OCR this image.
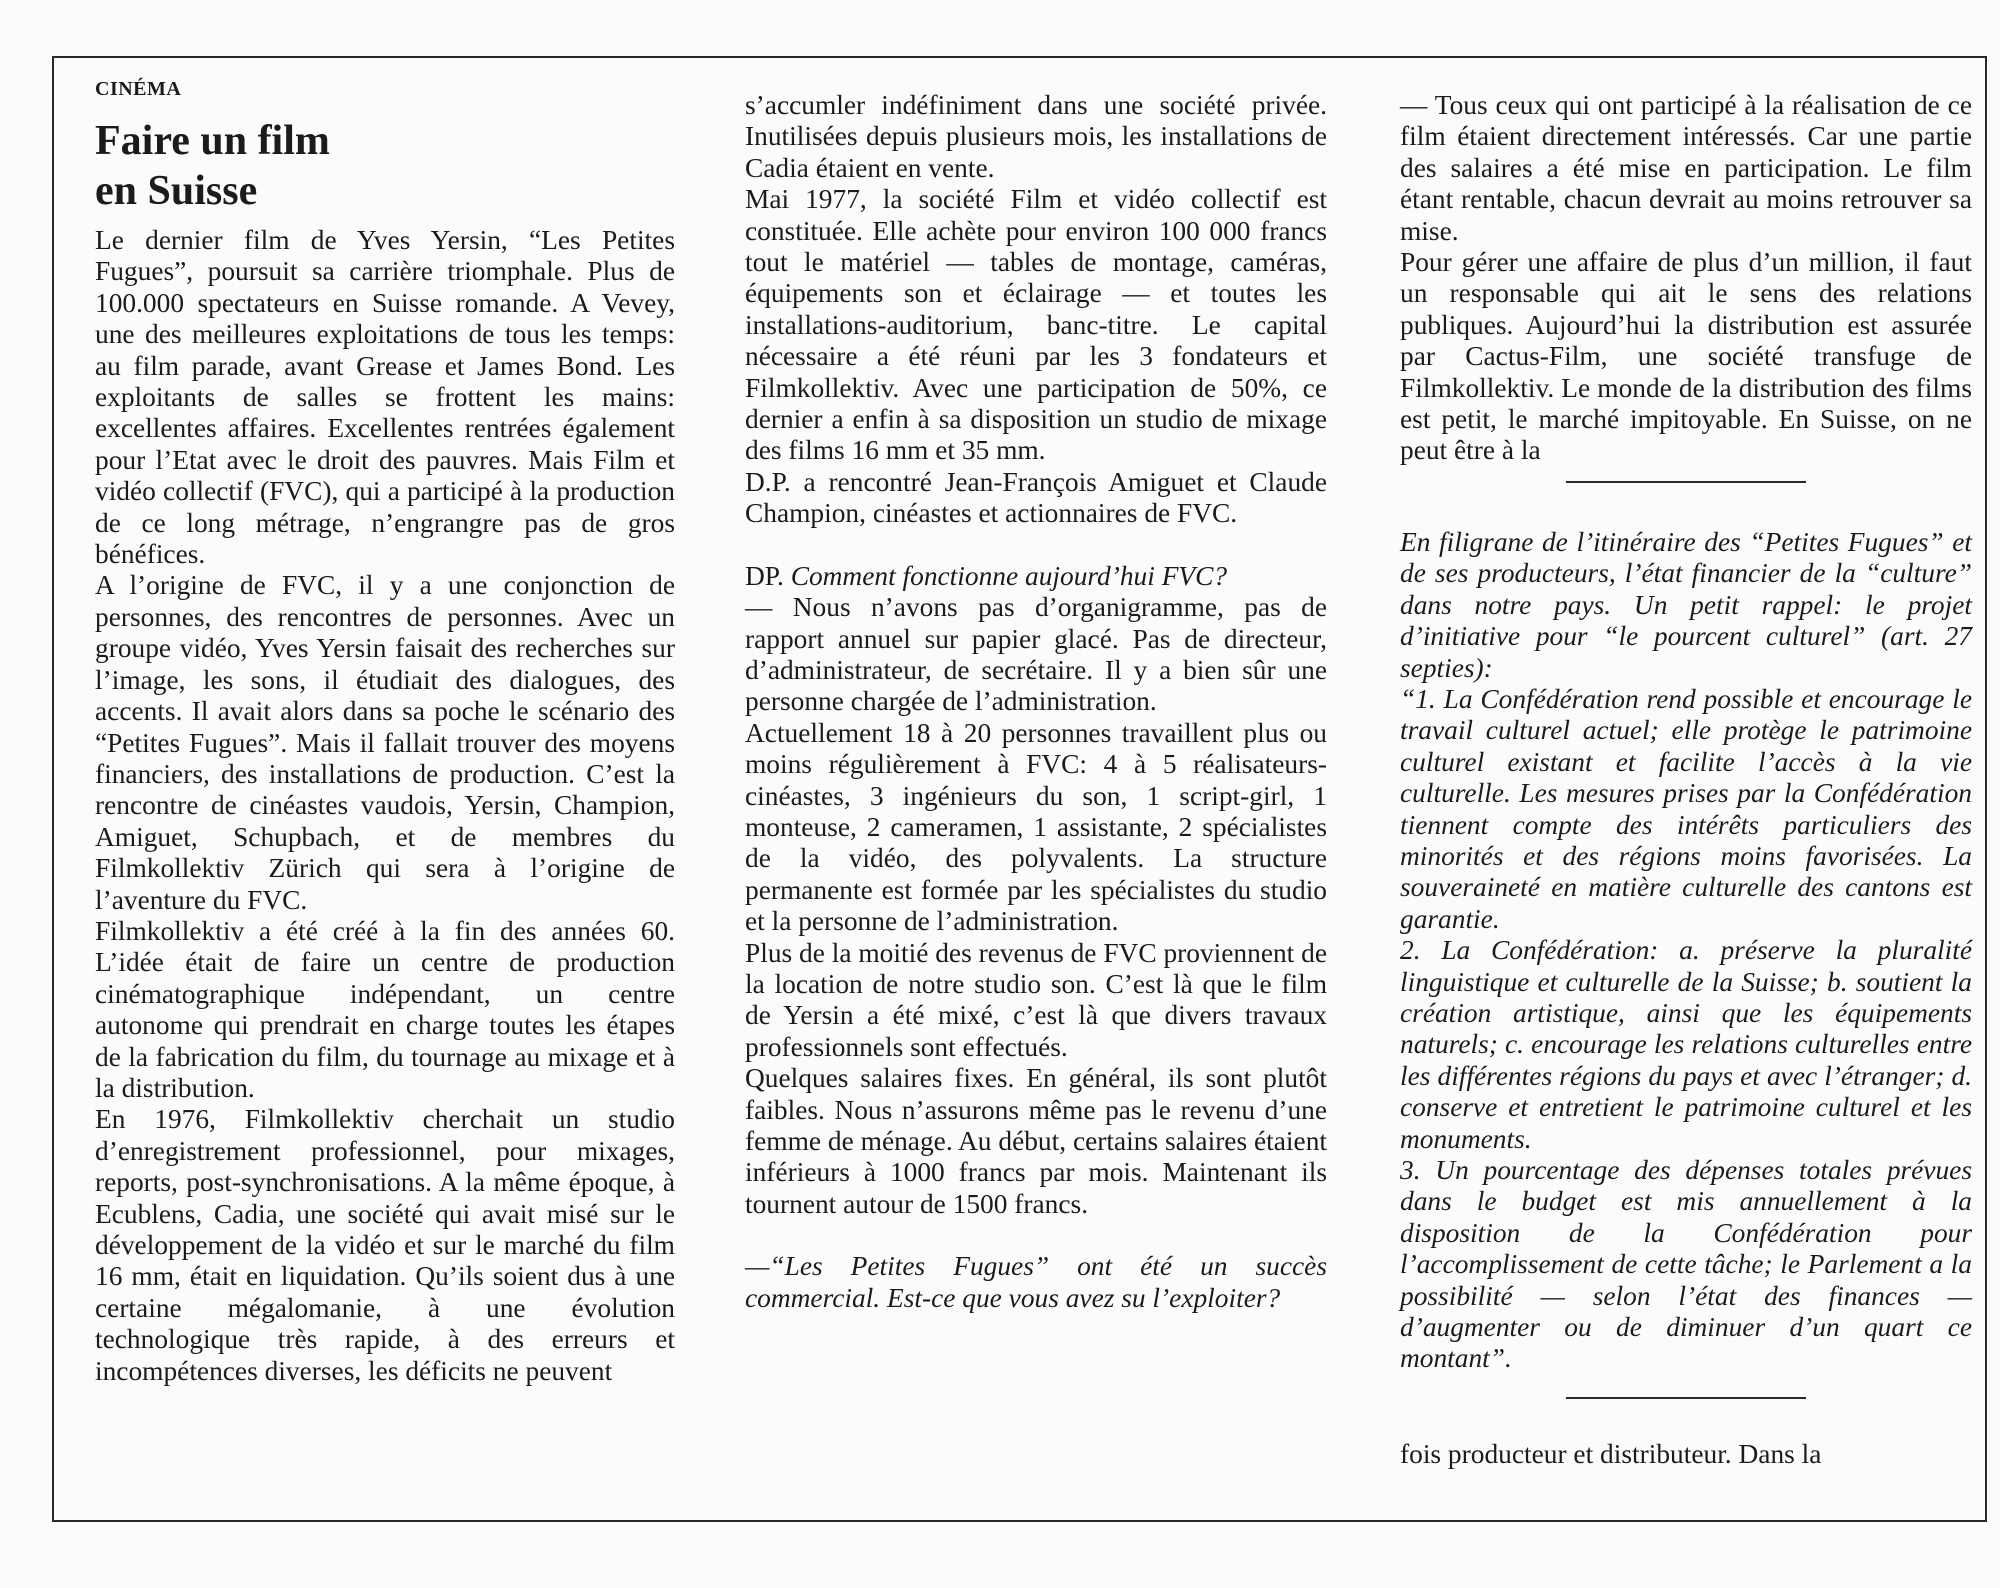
CINÉMA
Faire un film
en Suisse

Le dernier film de Yves Yersin, “Les Petites Fugues”, poursuit sa carrière triomphale. Plus de 100.000 spectateurs en Suisse romande. A Vevey, une des meilleures exploitations de tous les temps: au film parade, avant Grease et James Bond. Les exploitants de salles se frottent les mains: excellentes affaires. Excellentes rentrées également pour l’Etat avec le droit des pauvres. Mais Film et vidéo collectif (FVC), qui a participé à la production de ce long métrage, n’engrangre pas de gros bénéfices.

A l’origine de FVC, il y a une conjonction de personnes, des rencontres de personnes. Avec un groupe vidéo, Yves Yersin faisait des recherches sur l’image, les sons, il étudiait des dialogues, des accents. Il avait alors dans sa poche le scénario des “Petites Fugues”. Mais il fallait trouver des moyens financiers, des installations de production. C’est la rencontre de cinéastes vaudois, Yersin, Champion, Amiguet, Schupbach, et de membres du Filmkollektiv Zürich qui sera à l’origine de l’aventure du FVC.

Filmkollektiv a été créé à la fin des années 60. L’idée était de faire un centre de production cinématographique indépendant, un centre autonome qui prendrait en charge toutes les étapes de la fabrication du film, du tournage au mixage et à la distribution.

En 1976, Filmkollektiv cherchait un studio d’enregistrement professionnel, pour mixages, reports, post-synchronisations. A la même époque, à Ecublens, Cadia, une société qui avait misé sur le développement de la vidéo et sur le marché du film 16 mm, était en liquidation. Qu’ils soient dus à une certaine mégalomanie, à une évolution technologique très rapide, à des erreurs et incompétences diverses, les déficits ne peuvent

s’accumler indéfiniment dans une société privée. Inutilisées depuis plusieurs mois, les installations de Cadia étaient en vente.

Mai 1977, la société Film et vidéo collectif est constituée. Elle achète pour environ 100 000 francs tout le matériel — tables de montage, caméras, équipements son et éclairage — et toutes les installations-auditorium, banc-titre. Le capital nécessaire a été réuni par les 3 fondateurs et Filmkollektiv. Avec une participation de 50%, ce dernier a enfin à sa disposition un studio de mixage des films 16 mm et 35 mm.

D.P. a rencontré Jean-François Amiguet et Claude Champion, cinéastes et actionnaires de FVC.

DP. Comment fonctionne aujourd’hui FVC?

— Nous n’avons pas d’organigramme, pas de rapport annuel sur papier glacé. Pas de directeur, d’administrateur, de secrétaire. Il y a bien sûr une personne chargée de l’administration.

Actuellement 18 à 20 personnes travaillent plus ou moins régulièrement à FVC: 4 à 5 réalisateurs-cinéastes, 3 ingénieurs du son, 1 script-girl, 1 monteuse, 2 cameramen, 1 assistante, 2 spécialistes de la vidéo, des polyvalents. La structure permanente est formée par les spécialistes du studio et la personne de l’administration.

Plus de la moitié des revenus de FVC proviennent de la location de notre studio son. C’est là que le film de Yersin a été mixé, c’est là que divers travaux professionnels sont effectués.

Quelques salaires fixes. En général, ils sont plutôt faibles. Nous n’assurons même pas le revenu d’une femme de ménage. Au début, certains salaires étaient inférieurs à 1000 francs par mois. Maintenant ils tournent autour de 1500 francs.

—“Les Petites Fugues” ont été un succès commercial. Est-ce que vous avez su l’exploiter?

— Tous ceux qui ont participé à la réalisation de ce film étaient directement intéressés. Car une partie des salaires a été mise en participation. Le film étant rentable, chacun devrait au moins retrouver sa mise.

Pour gérer une affaire de plus d’un million, il faut un responsable qui ait le sens des relations publiques. Aujourd’hui la distribution est assurée par Cactus-Film, une société transfuge de Filmkollektiv. Le monde de la distribution des films est petit, le marché impitoyable. En Suisse, on ne peut être à la

En filigrane de l’itinéraire des “Petites Fugues” et de ses producteurs, l’état financier de la “culture” dans notre pays. Un petit rappel: le projet d’initiative pour “le pourcent culturel” (art. 27 septies):

“1. La Confédération rend possible et encourage le travail culturel actuel; elle protège le patrimoine culturel existant et facilite l’accès à la vie culturelle. Les mesures prises par la Confédération tiennent compte des intérêts particuliers des minorités et des régions moins favorisées. La souveraineté en matière culturelle des cantons est garantie.

2. La Confédération: a. préserve la pluralité linguistique et culturelle de la Suisse; b. soutient la création artistique, ainsi que les équipements naturels; c. encourage les relations culturelles entre les différentes régions du pays et avec l’étranger; d. conserve et entretient le patrimoine culturel et les monuments.

3. Un pourcentage des dépenses totales prévues dans le budget est mis annuellement à la disposition de la Confédération pour l’accomplissement de cette tâche; le Parlement a la possibilité — selon l’état des finances — d’augmenter ou de diminuer d’un quart ce montant”.

fois producteur et distributeur. Dans la
